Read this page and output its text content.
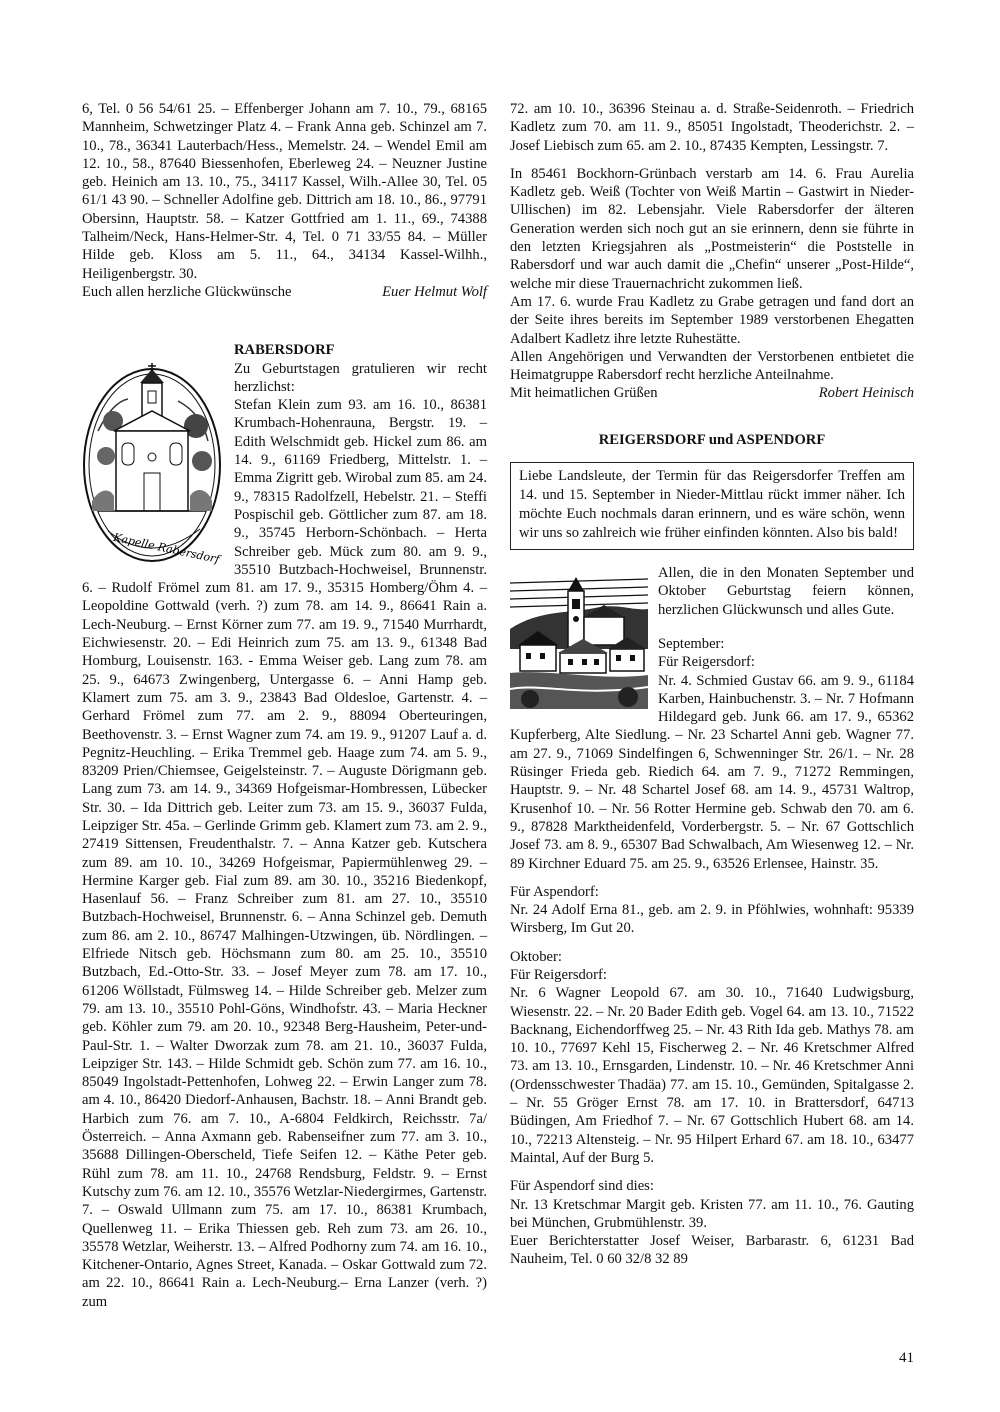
6, Tel. 0 56 54/61 25. – Effenberger Johann am 7. 10., 79., 68165 Mannheim, Schwetzinger Platz 4. – Frank Anna geb. Schinzel am 7. 10., 78., 36341 Lauterbach/Hess., Memelstr. 24. – Wendel Emil am 12. 10., 58., 87640 Biessenhofen, Eberleweg 24. – Neuzner Justine geb. Heinich am 13. 10., 75., 34117 Kassel, Wilh.-Allee 30, Tel. 05 61/1 43 90. – Schneller Adolfine geb. Dittrich am 18. 10., 86., 97791 Obersinn, Hauptstr. 58. – Katzer Gottfried am 1. 11., 69., 74388 Talheim/Neck, Hans-Helmer-Str. 4, Tel. 0 71 33/55 84. – Müller Hilde geb. Kloss am 5. 11., 64., 34134 Kassel-Wilhh., Heiligenbergstr. 30.

Euch allen herzliche Glückwünsche	Euer Helmut Wolf
Kapelle Rabersdorf
RABERSDORF

Zu Geburtstagen gratulieren wir recht herzlichst:

Stefan Klein zum 93. am 16. 10., 86381 Krumbach-Hohenrauna, Bergstr. 19. – Edith Welschmidt geb. Hickel zum 86. am 14. 9., 61169 Friedberg, Mittelstr. 1. – Emma Zigritt geb. Wirobal zum 85. am 24. 9., 78315 Radolfzell, Hebelstr. 21. – Steffi Pospischil geb. Göttlicher zum 87. am 18. 9., 35745 Herborn-Schönbach. – Herta Schreiber geb. Mück zum 80. am 9. 9., 35510 Butzbach-Hochweisel, Brunnenstr. 6. – Rudolf Frömel zum 81. am 17. 9., 35315 Homberg/Öhm 4. – Leopoldine Gottwald (verh. ?) zum 78. am 14. 9., 86641 Rain a. Lech-Neuburg. – Ernst Körner zum 77. am 19. 9., 71540 Murrhardt, Eichwiesenstr. 20. – Edi Heinrich zum 75. am 13. 9., 61348 Bad Homburg, Louisenstr. 163. - Emma Weiser geb. Lang zum 78. am 25. 9., 64673 Zwingenberg, Untergasse 6. – Anni Hamp geb. Klamert zum 75. am 3. 9., 23843 Bad Oldesloe, Gartenstr. 4. – Gerhard Frömel zum 77. am 2. 9., 88094 Oberteuringen, Beethovenstr. 3. – Ernst Wagner zum 74. am 19. 9., 91207 Lauf a. d. Pegnitz-Heuchling. – Erika Tremmel geb. Haage zum 74. am 5. 9., 83209 Prien/Chiemsee, Geigelsteinstr. 7. – Auguste Dörigmann geb. Lang zum 73. am 14. 9., 34369 Hofgeismar-Hombressen, Lübecker Str. 30. – Ida Dittrich geb. Leiter zum 73. am 15. 9., 36037 Fulda, Leipziger Str. 45a. – Gerlinde Grimm geb. Klamert zum 73. am 2. 9., 27419 Sittensen, Freudenthalstr. 7. – Anna Katzer geb. Kutschera zum 89. am 10. 10., 34269 Hofgeismar, Papiermühlenweg 29. – Hermine Karger geb. Fial zum 89. am 30. 10., 35216 Biedenkopf, Hasenlauf 56. – Franz Schreiber zum 81. am 27. 10., 35510 Butzbach-Hochweisel, Brunnenstr. 6. – Anna Schinzel geb. Demuth zum 86. am 2. 10., 86747 Malhingen-Utzwingen, üb. Nördlingen. – Elfriede Nitsch geb. Höchsmann zum 80. am 25. 10., 35510 Butzbach, Ed.-Otto-Str. 33. – Josef Meyer zum 78. am 17. 10., 61206 Wöllstadt, Fülmsweg 14. – Hilde Schreiber geb. Melzer zum 79. am 13. 10., 35510 Pohl-Göns, Windhofstr. 43. – Maria Heckner geb. Köhler zum 79. am 20. 10., 92348 Berg-Hausheim, Peter-und-Paul-Str. 1. – Walter Dworzak zum 78. am 21. 10., 36037 Fulda, Leipziger Str. 143. – Hilde Schmidt geb. Schön zum 77. am 16. 10., 85049 Ingolstadt-Pettenhofen, Lohweg 22. – Erwin Langer zum 78. am 4. 10., 86420 Diedorf-Anhausen, Bachstr. 18. – Anni Brandt geb. Harbich zum 76. am 7. 10., A-6804 Feldkirch, Reichsstr. 7a/Österreich. – Anna Axmann geb. Rabenseifner zum 77. am 3. 10., 35688 Dillingen-Oberscheld, Tiefe Seifen 12. – Käthe Peter geb. Rühl zum 78. am 11. 10., 24768 Rendsburg, Feldstr. 9. – Ernst Kutschy zum 76. am 12. 10., 35576 Wetzlar-Niedergirmes, Gartenstr. 7. – Oswald Ullmann zum 75. am 17. 10., 86381 Krumbach, Quellenweg 11. – Erika Thiessen geb. Reh zum 73. am 26. 10., 35578 Wetzlar, Weiherstr. 13. – Alfred Podhorny zum 74. am 16. 10., Kitchener-Ontario, Agnes Street, Kanada. – Oskar Gottwald zum 72. am 22. 10., 86641 Rain a. Lech-Neuburg.– Erna Lanzer (verh. ?) zum

72. am 10. 10., 36396 Steinau a. d. Straße-Seidenroth. – Friedrich Kadletz zum 70. am 11. 9., 85051 Ingolstadt, Theoderichstr. 2. – Josef Liebisch zum 65. am 2. 10., 87435 Kempten, Lessingstr. 7.

In 85461 Bockhorn-Grünbach verstarb am 14. 6. Frau Aurelia Kadletz geb. Weiß (Tochter von Weiß Martin – Gastwirt in Nieder-Ullischen) im 82. Lebensjahr. Viele Rabersdorfer der älteren Generation werden sich noch gut an sie erinnern, denn sie führte in den letzten Kriegsjahren als „Postmeisterin“ die Poststelle in Rabersdorf und war auch damit die „Chefin“ unserer „Post-Hilde“, welche mir diese Trauernachricht zukommen ließ.

Am 17. 6. wurde Frau Kadletz zu Grabe getragen und fand dort an der Seite ihres bereits im September 1989 verstorbenen Ehegatten Adalbert Kadletz ihre letzte Ruhestätte.

Allen Angehörigen und Verwandten der Verstorbenen entbietet die Heimatgruppe Rabersdorf recht herzliche Anteilnahme.

Mit heimatlichen Grüßen	Robert Heinisch
REIGERSDORF und ASPENDORF
Liebe Landsleute, der Termin für das Reigersdorfer Treffen am 14. und 15. September in Nieder-Mittlau rückt immer näher. Ich möchte Euch nochmals daran erinnern, und es wäre schön, wenn wir uns so zahlreich wie früher einfinden könnten. Also bis bald!

Allen, die in den Monaten September und Oktober Geburtstag feiern können, herzlichen Glückwunsch und alles Gute.

September:

Für Reigersdorf:

Nr. 4. Schmied Gustav 66. am 9. 9., 61184 Karben, Hainbuchenstr. 3. – Nr. 7 Hofmann Hildegard geb. Junk 66. am 17. 9., 65362 Kupferberg, Alte Siedlung. – Nr. 23 Schartel Anni geb. Wagner 77. am 27. 9., 71069 Sindelfingen 6, Schwenninger Str. 26/1. – Nr. 28 Rüsinger Frieda geb. Riedich 64. am 7. 9., 71272 Remmingen, Hauptstr. 9. – Nr. 48 Schartel Josef 68. am 14. 9., 45731 Waltrop, Krusenhof 10. – Nr. 56 Rotter Hermine geb. Schwab den 70. am 6. 9., 87828 Marktheidenfeld, Vorderbergstr. 5. – Nr. 67 Gottschlich Josef 73. am 8. 9., 65307 Bad Schwalbach, Am Wiesenweg 12. – Nr. 89 Kirchner Eduard 75. am 25. 9., 63526 Erlensee, Hainstr. 35.

Für Aspendorf:

Nr. 24 Adolf Erna 81., geb. am 2. 9. in Pföhlwies, wohnhaft: 95339 Wirsberg, Im Gut 20.

Oktober:

Für Reigersdorf:

Nr. 6 Wagner Leopold 67. am 30. 10., 71640 Ludwigsburg, Wiesenstr. 22. – Nr. 20 Bader Edith geb. Vogel 64. am 13. 10., 71522 Backnang, Eichendorffweg 25. – Nr. 43 Rith Ida geb. Mathys 78. am 10. 10., 77697 Kehl 15, Fischerweg 2. – Nr. 46 Kretschmer Alfred 73. am 13. 10., Ernsgarden, Lindenstr. 10. – Nr. 46 Kretschmer Anni (Ordensschwester Thadäa) 77. am 15. 10., Gemünden, Spitalgasse 2. – Nr. 55 Gröger Ernst 78. am 17. 10. in Brattersdorf, 64713 Büdingen, Am Friedhof 7. – Nr. 67 Gottschlich Hubert 68. am 14. 10., 72213 Altensteig. – Nr. 95 Hilpert Erhard 67. am 18. 10., 63477 Maintal, Auf der Burg 5.

Für Aspendorf sind dies:

Nr. 13 Kretschmar Margit geb. Kristen 77. am 11. 10., 76. Gauting bei München, Grubmühlenstr. 39.

Euer Berichterstatter Josef Weiser, Barbarastr. 6, 61231 Bad Nauheim, Tel. 0 60 32/8 32 89

41
